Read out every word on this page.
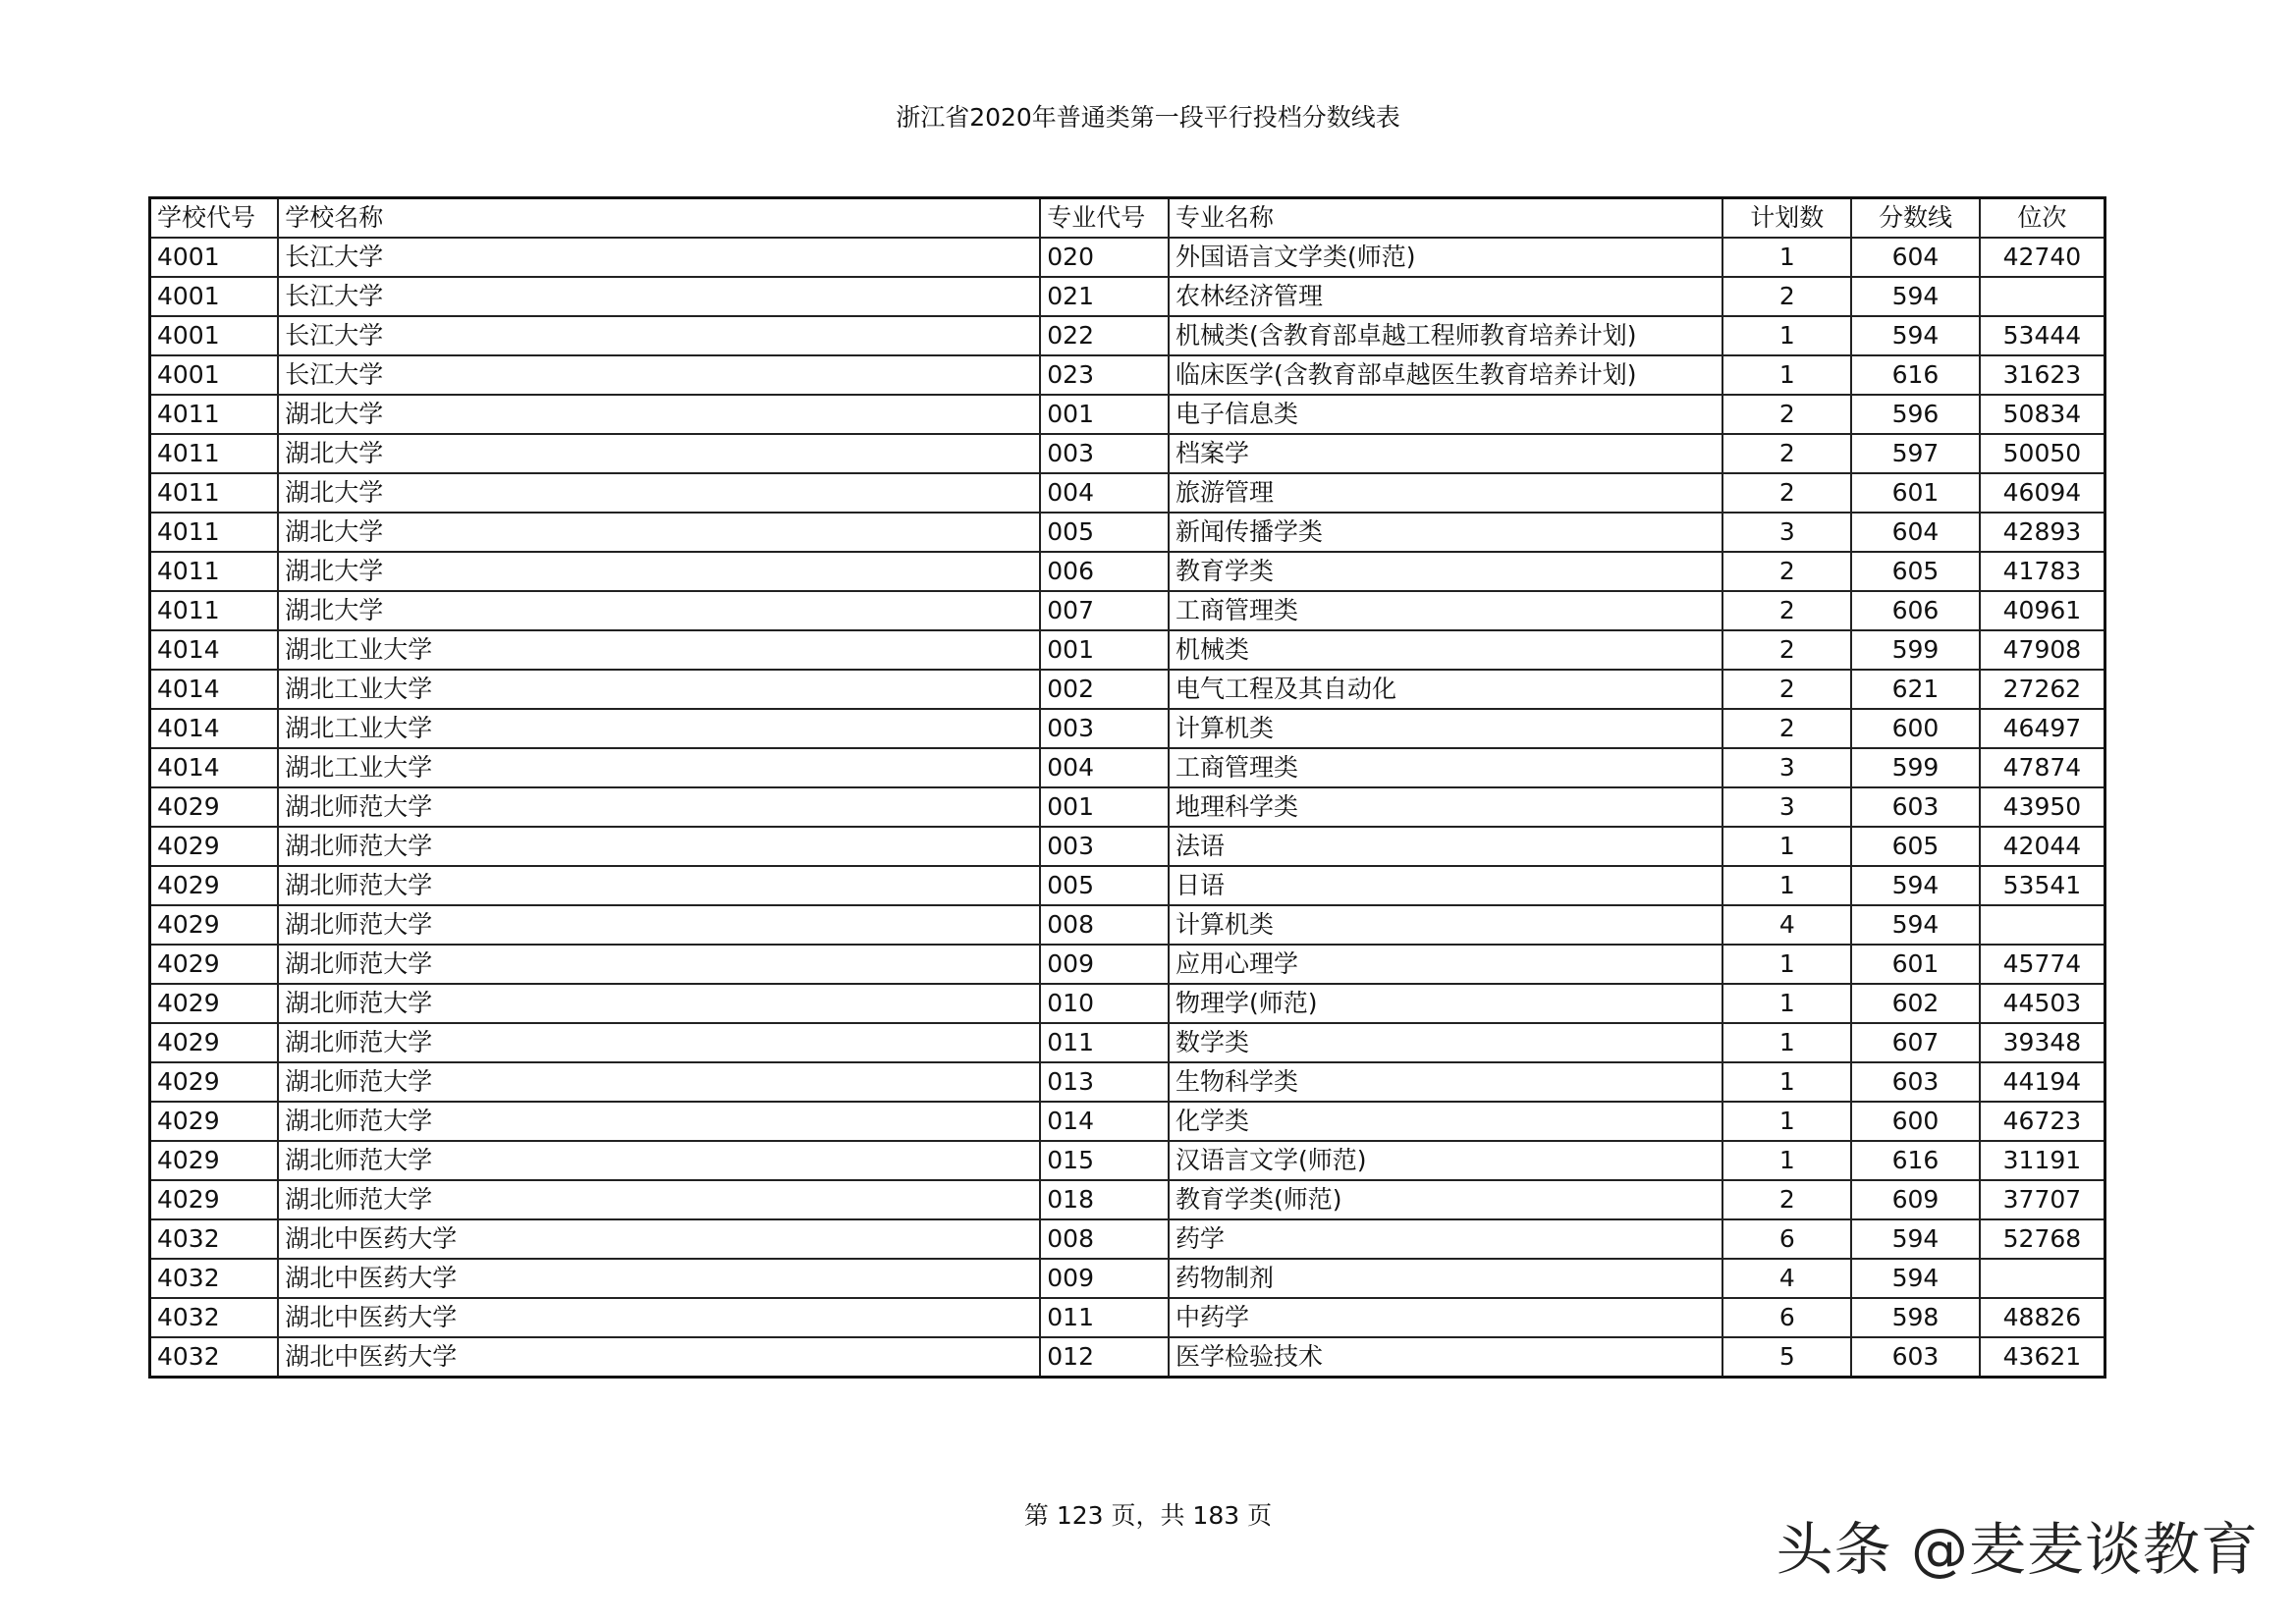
浙江省2020年普通类第一段平行投档分数线表
学校代号	学校名称	专业代号	专业名称	计划数	分数线	位次
4001	长江大学	020	外国语言文学类(师范)	1	604	42740
4001	长江大学	021	农林经济管理	2	594	
4001	长江大学	022	机械类(含教育部卓越工程师教育培养计划)	1	594	53444
4001	长江大学	023	临床医学(含教育部卓越医生教育培养计划)	1	616	31623
4011	湖北大学	001	电子信息类	2	596	50834
4011	湖北大学	003	档案学	2	597	50050
4011	湖北大学	004	旅游管理	2	601	46094
4011	湖北大学	005	新闻传播学类	3	604	42893
4011	湖北大学	006	教育学类	2	605	41783
4011	湖北大学	007	工商管理类	2	606	40961
4014	湖北工业大学	001	机械类	2	599	47908
4014	湖北工业大学	002	电气工程及其自动化	2	621	27262
4014	湖北工业大学	003	计算机类	2	600	46497
4014	湖北工业大学	004	工商管理类	3	599	47874
4029	湖北师范大学	001	地理科学类	3	603	43950
4029	湖北师范大学	003	法语	1	605	42044
4029	湖北师范大学	005	日语	1	594	53541
4029	湖北师范大学	008	计算机类	4	594	
4029	湖北师范大学	009	应用心理学	1	601	45774
4029	湖北师范大学	010	物理学(师范)	1	602	44503
4029	湖北师范大学	011	数学类	1	607	39348
4029	湖北师范大学	013	生物科学类	1	603	44194
4029	湖北师范大学	014	化学类	1	600	46723
4029	湖北师范大学	015	汉语言文学(师范)	1	616	31191
4029	湖北师范大学	018	教育学类(师范)	2	609	37707
4032	湖北中医药大学	008	药学	6	594	52768
4032	湖北中医药大学	009	药物制剂	4	594	
4032	湖北中医药大学	011	中药学	6	598	48826
4032	湖北中医药大学	012	医学检验技术	5	603	43621
第 123 页，共 183 页
头条 @麦麦谈教育
